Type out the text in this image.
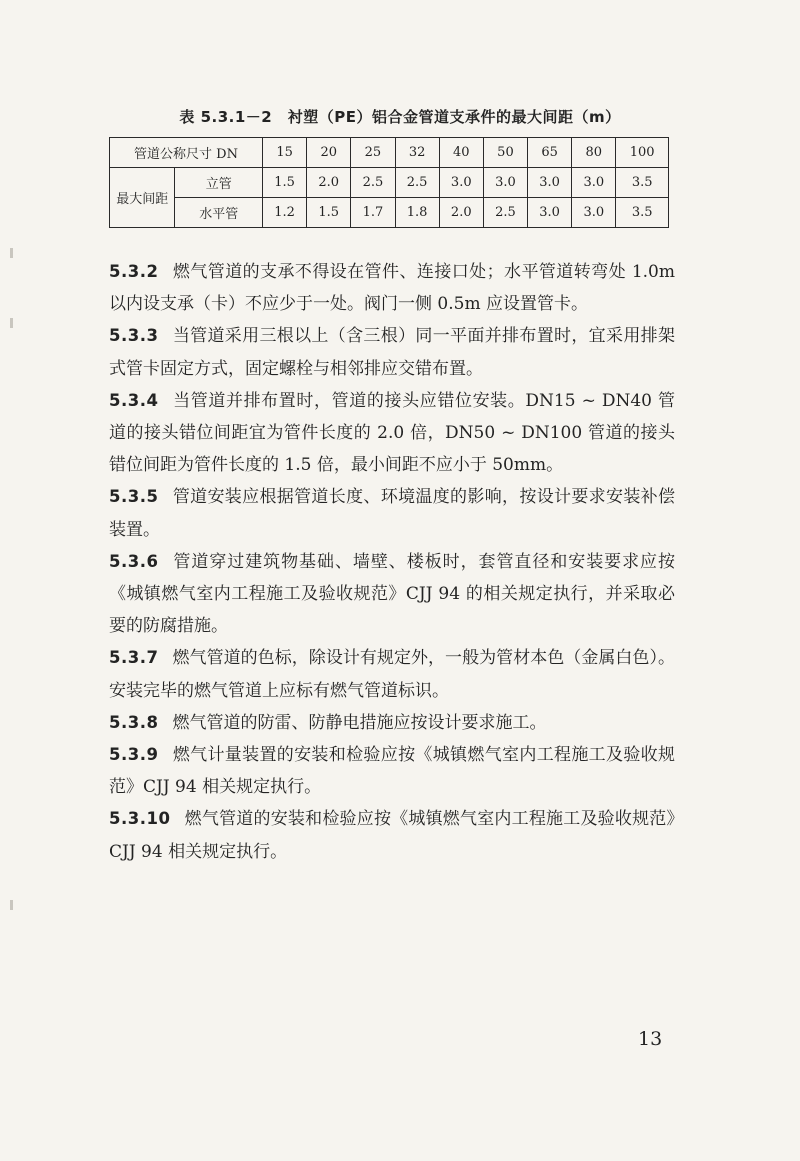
表 5.3.1－2　衬塑（PE）铝合金管道支承件的最大间距（m）
管道公称尺寸 DN		15	20	25	32	40	50	65	80	100
最大间距	立管	1.5	2.0	2.5	2.5	3.0	3.0	3.0	3.0	3.5
	水平管	1.2	1.5	1.7	1.8	2.0	2.5	3.0	3.0	3.5

5.3.2 燃气管道的支承不得设在管件、连接口处；水平管道转弯处 1.0m 以内设支承（卡）不应少于一处。阀门一侧 0.5m 应设置管卡。

5.3.3 当管道采用三根以上（含三根）同一平面并排布置时，宜采用排架式管卡固定方式，固定螺栓与相邻排应交错布置。

5.3.4 当管道并排布置时，管道的接头应错位安装。DN15 ~ DN40 管道的接头错位间距宜为管件长度的 2.0 倍，DN50 ~ DN100 管道的接头错位间距为管件长度的 1.5 倍，最小间距不应小于 50mm。

5.3.5 管道安装应根据管道长度、环境温度的影响，按设计要求安装补偿装置。

5.3.6 管道穿过建筑物基础、墙壁、楼板时，套管直径和安装要求应按《城镇燃气室内工程施工及验收规范》CJJ 94 的相关规定执行，并采取必要的防腐措施。

5.3.7 燃气管道的色标，除设计有规定外，一般为管材本色（金属白色）。安装完毕的燃气管道上应标有燃气管道标识。

5.3.8 燃气管道的防雷、防静电措施应按设计要求施工。

5.3.9 燃气计量装置的安装和检验应按《城镇燃气室内工程施工及验收规范》CJJ 94 相关规定执行。

5.3.10 燃气管道的安装和检验应按《城镇燃气室内工程施工及验收规范》CJJ 94 相关规定执行。

13
